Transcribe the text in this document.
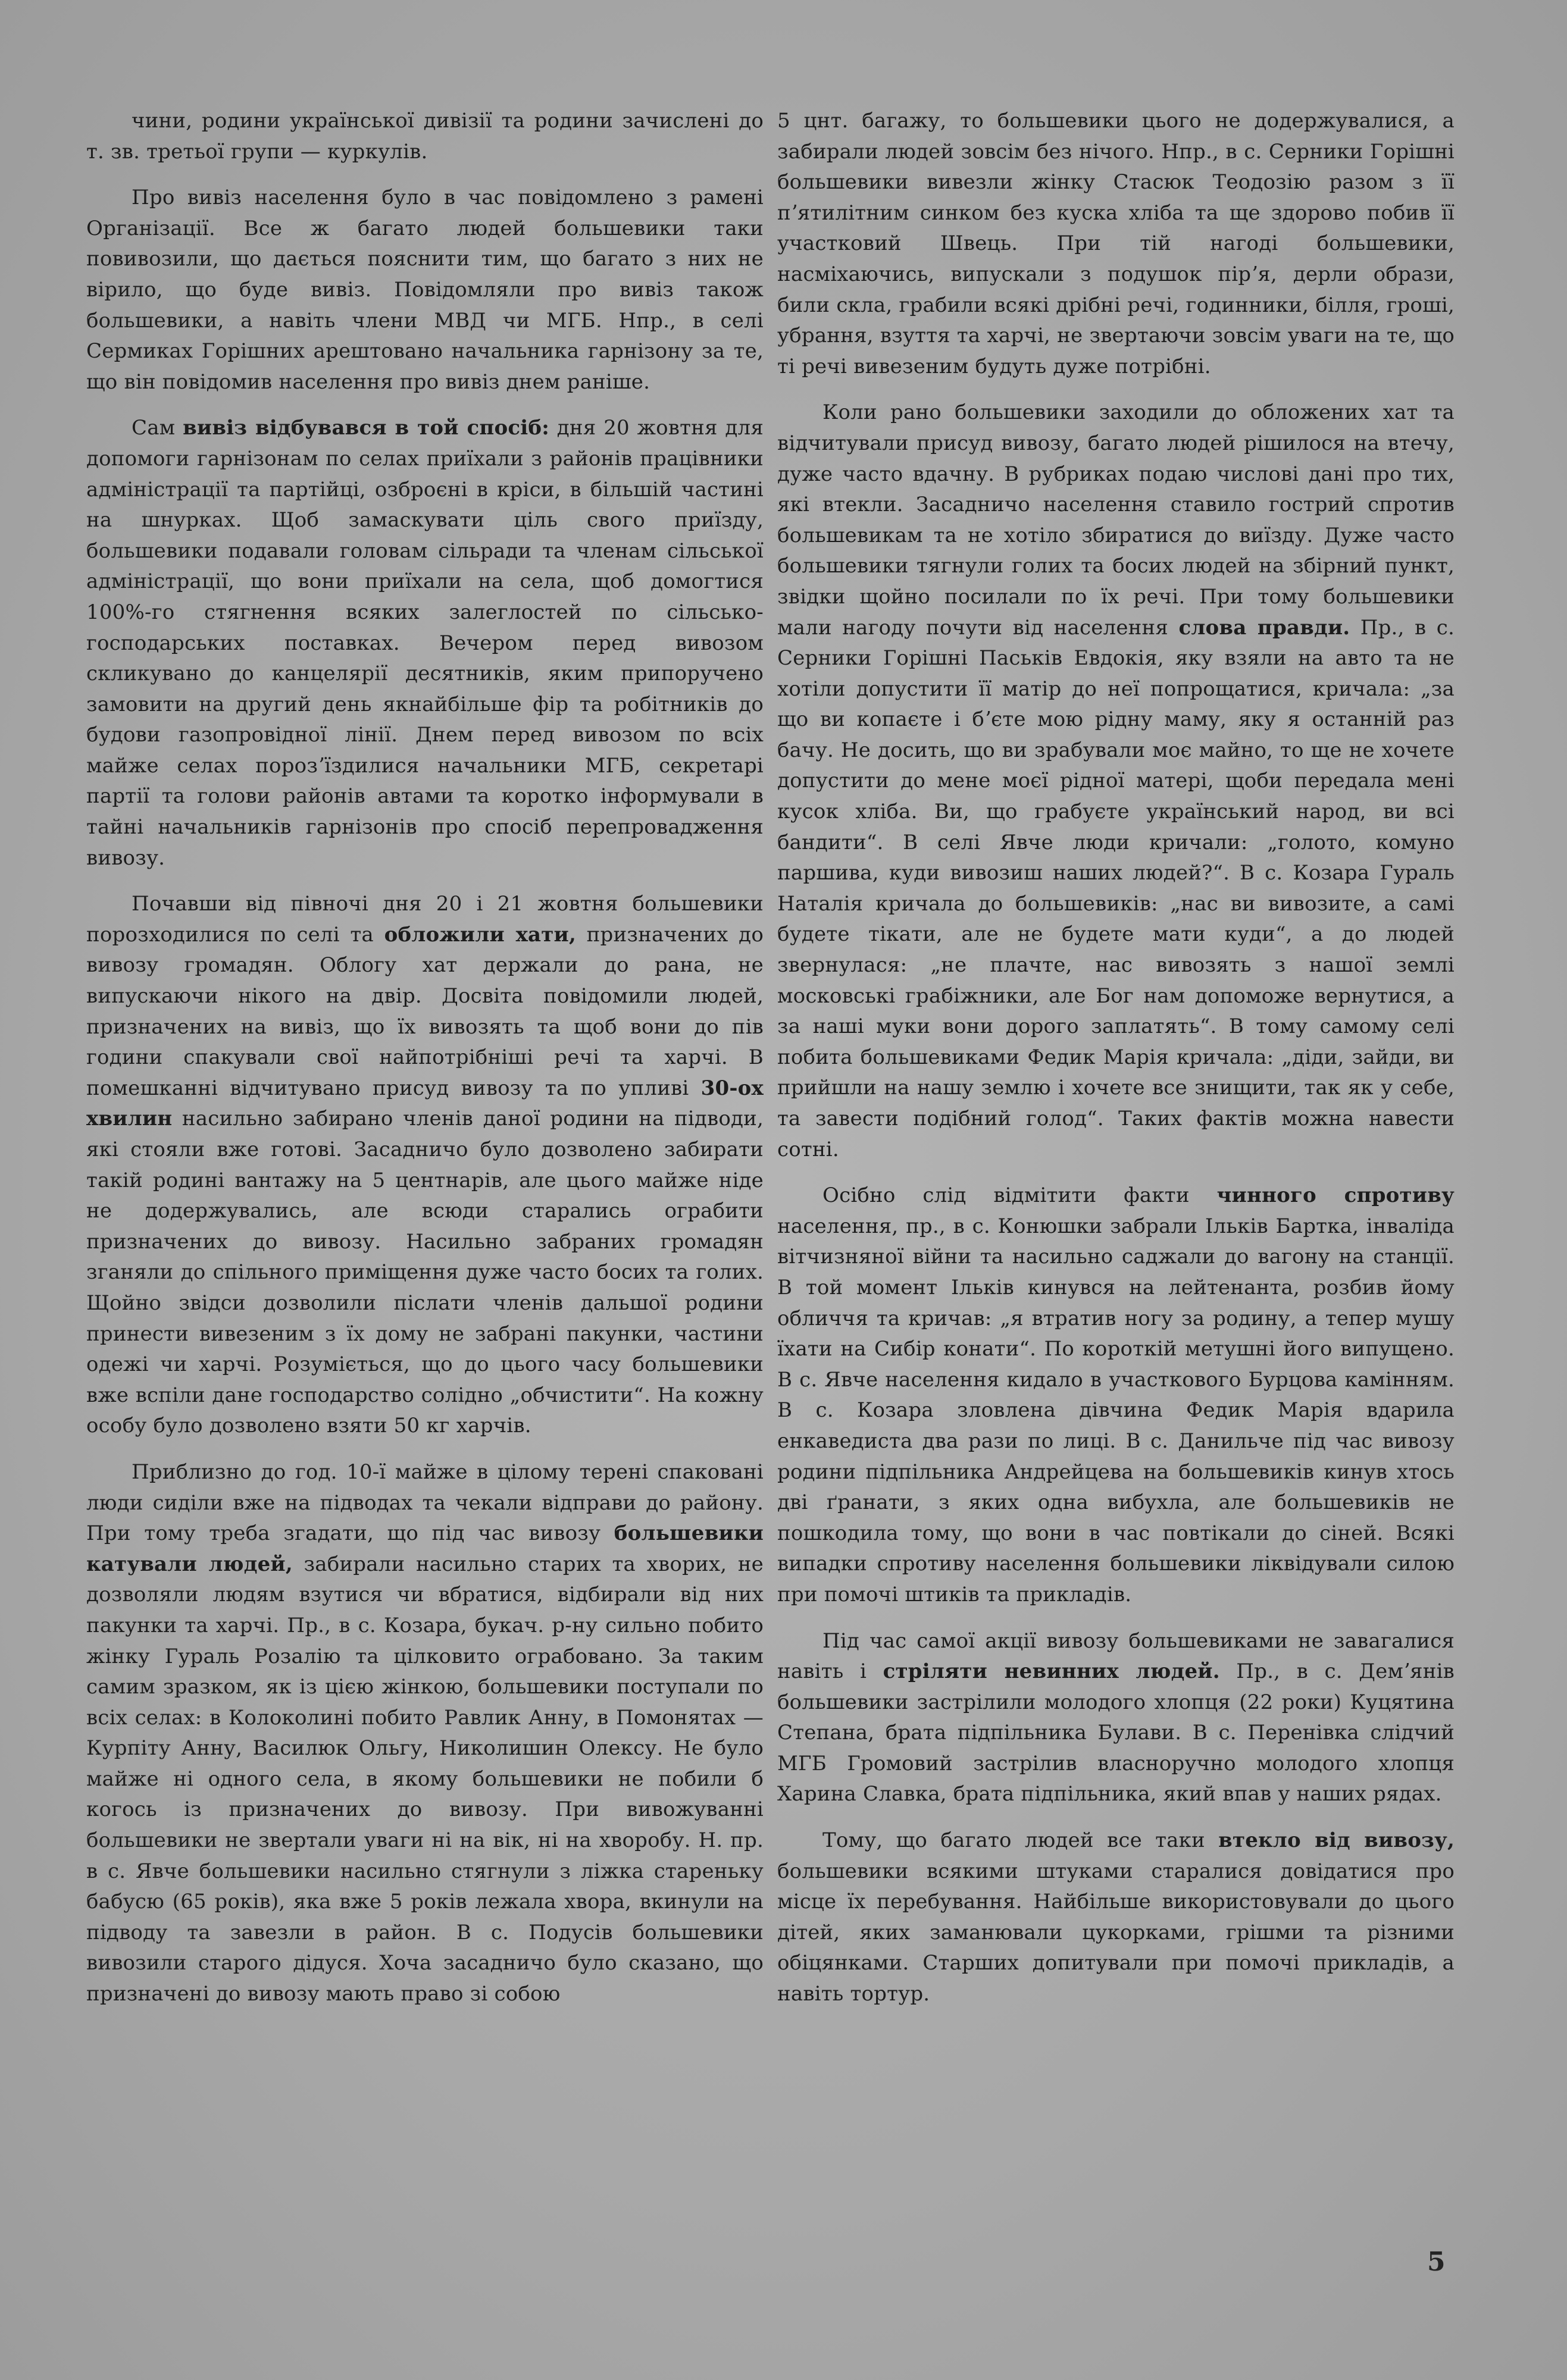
чини, родини української дивізії та родини зачислені до т. зв. третьої групи — куркулів.

Про вивіз населення було в час повідомлено з рамені Організації. Все ж багато людей большевики таки повивозили, що дається пояснити тим, що багато з них не вірило, що буде вивіз. Повідомляли про вивіз також большевики, а навіть члени МВД чи МГБ. Нпр., в селі Сермиках Горішних арештовано начальника гарнізону за те, що він повідомив населення про вивіз днем раніше.

Сам вивіз відбувався в той спосіб: дня 20 жовтня для допомоги гарнізонам по селах приїхали з районів працівники адміністрації та партійці, озброєні в кріси, в більшій частині на шнурках. Щоб замаскувати ціль свого приїзду, большевики подавали головам сільради та членам сільської адміністрації, що вони приїхали на села, щоб домогтися 100%-го стягнення всяких залеглостей по сільсько-господарських поставках. Вечером перед вивозом скликувано до канцелярії десятників, яким припоручено замовити на другий день якнайбільше фір та робітників до будови газопровідної лінії. Днем перед вивозом по всіх майже селах порозʼїздилися начальники МГБ, секретарі партії та голови районів автами та коротко інформували в тайні начальників гарнізонів про спосіб перепровадження вивозу.

Почавши від півночі дня 20 і 21 жовтня большевики порозходилися по селі та обложили хати, призначених до вивозу громадян. Облогу хат держали до рана, не випускаючи нікого на двір. Досвіта повідомили людей, призначених на вивіз, що їх вивозять та щоб вони до пів години спакували свої найпотрібніші речі та харчі. В помешканні відчитувано присуд вивозу та по упливі 30-ох хвилин насильно забирано членів даної родини на підводи, які стояли вже готові. Засадничо було дозволено забирати такій родині вантажу на 5 центнарів, але цього майже ніде не додержувались, але всюди старались ограбити призначених до вивозу. Насильно забраних громадян зганяли до спільного приміщення дуже часто босих та голих. Щойно звідси дозволили післати членів дальшої родини принести вивезеним з їх дому не забрані пакунки, частини одежі чи харчі. Розуміється, що до цього часу большевики вже вспіли дане господарство солідно „обчистити“. На кожну особу було дозволено взяти 50 кг харчів.

Приблизно до год. 10-ї майже в цілому терені спаковані люди сиділи вже на підводах та чекали відправи до району. При тому треба згадати, що під час вивозу большевики катували людей, забирали насильно старих та хворих, не дозволяли людям взутися чи вбратися, відбирали від них пакунки та харчі. Пр., в с. Козара, букач. р-ну сильно побито жінку Гураль Розалію та цілковито ограбовано. За таким самим зразком, як із цією жінкою, большевики поступали по всіх селах: в Колоколині побито Равлик Анну, в Помонятах — Курпіту Анну, Василюк Ольгу, Николишин Олексу. Не було майже ні одного села, в якому большевики не побили б когось із призначених до вивозу. При вивожуванні большевики не звертали уваги ні на вік, ні на хворобу. Н. пр. в с. Явче большевики насильно стягнули з ліжка стареньку бабусю (65 років), яка вже 5 років лежала хвора, вкинули на підводу та завезли в район. В с. Подусів большевики вивозили старого дідуся. Хоча засадничо було сказано, що призначені до вивозу мають право зі собою

5 цнт. багажу, то большевики цього не додержувалися, а забирали людей зовсім без нічого. Нпр., в с. Серники Горішні большевики вивезли жінку Стасюк Теодозію разом з її пʼятилітним синком без куска хліба та ще здорово побив її участковий Швець. При тій нагоді большевики, насміхаючись, випускали з подушок пірʼя, дерли образи, били скла, грабили всякі дрібні речі, годинники, білля, гроші, убрання, взуття та харчі, не звертаючи зовсім уваги на те, що ті речі вивезеним будуть дуже потрібні.

Коли рано большевики заходили до обложених хат та відчитували присуд вивозу, багато людей рішилося на втечу, дуже часто вдачну. В рубриках подаю числові дані про тих, які втекли. Засадничо населення ставило гострий спротив большевикам та не хотіло збиратися до виїзду. Дуже часто большевики тягнули голих та босих людей на збірний пункт, звідки щойно посилали по їх речі. При тому большевики мали нагоду почути від населення слова правди. Пр., в с. Серники Горішні Паськів Евдокія, яку взяли на авто та не хотіли допустити її матір до неї попрощатися, кричала: „за що ви копаєте і бʼєте мою рідну маму, яку я останній раз бачу. Не досить, що ви зрабували моє майно, то ще не хочете допустити до мене моєї рідної матері, щоби передала мені кусок хліба. Ви, що грабуєте український народ, ви всі бандити“. В селі Явче люди кричали: „голото, комуно паршива, куди вивозиш наших людей?“. В с. Козара Гураль Наталія кричала до большевиків: „нас ви вивозите, а самі будете тікати, але не будете мати куди“, а до людей звернулася: „не плачте, нас вивозять з нашої землі московські грабіжники, але Бог нам допоможе вернутися, а за наші муки вони дорого заплатять“. В тому самому селі побита большевиками Федик Марія кричала: „діди, зайди, ви прийшли на нашу землю і хочете все знищити, так як у себе, та завести подібний голод“. Таких фактів можна навести сотні.

Осібно слід відмітити факти чинного спротиву населення, пр., в с. Конюшки забрали Ільків Бартка, інваліда вітчизняної війни та насильно саджали до вагону на станції. В той момент Ільків кинувся на лейтенанта, розбив йому обличчя та кричав: „я втратив ногу за родину, а тепер мушу їхати на Сибір конати“. По короткій метушні його випущено. В с. Явче населення кидало в участкового Бурцова камінням. В с. Козара зловлена дівчина Федик Марія вдарила енкаведиста два рази по лиці. В с. Данильче під час вивозу родини підпільника Андрейцева на большевиків кинув хтось дві ґранати, з яких одна вибухла, але большевиків не пошкодила тому, що вони в час повтікали до сіней. Всякі випадки спротиву населення большевики ліквідували силою при помочі штиків та прикладів.

Під час самої акції вивозу большевиками не завагалися навіть і стріляти невинних людей. Пр., в с. Демʼянів большевики застрілили молодого хлопця (22 роки) Куцятина Степана, брата підпільника Булави. В с. Перенівка слідчий МГБ Громовий застрілив власноручно молодого хлопця Харина Славка, брата підпільника, який впав у наших рядах.

Тому, що багато людей все таки втекло від вивозу, большевики всякими штуками старалися довідатися про місце їх перебування. Найбільше використовували до цього дітей, яких заманювали цукорками, грішми та різними обіцянками. Старших допитували при помочі прикладів, а навіть тортур.

5
